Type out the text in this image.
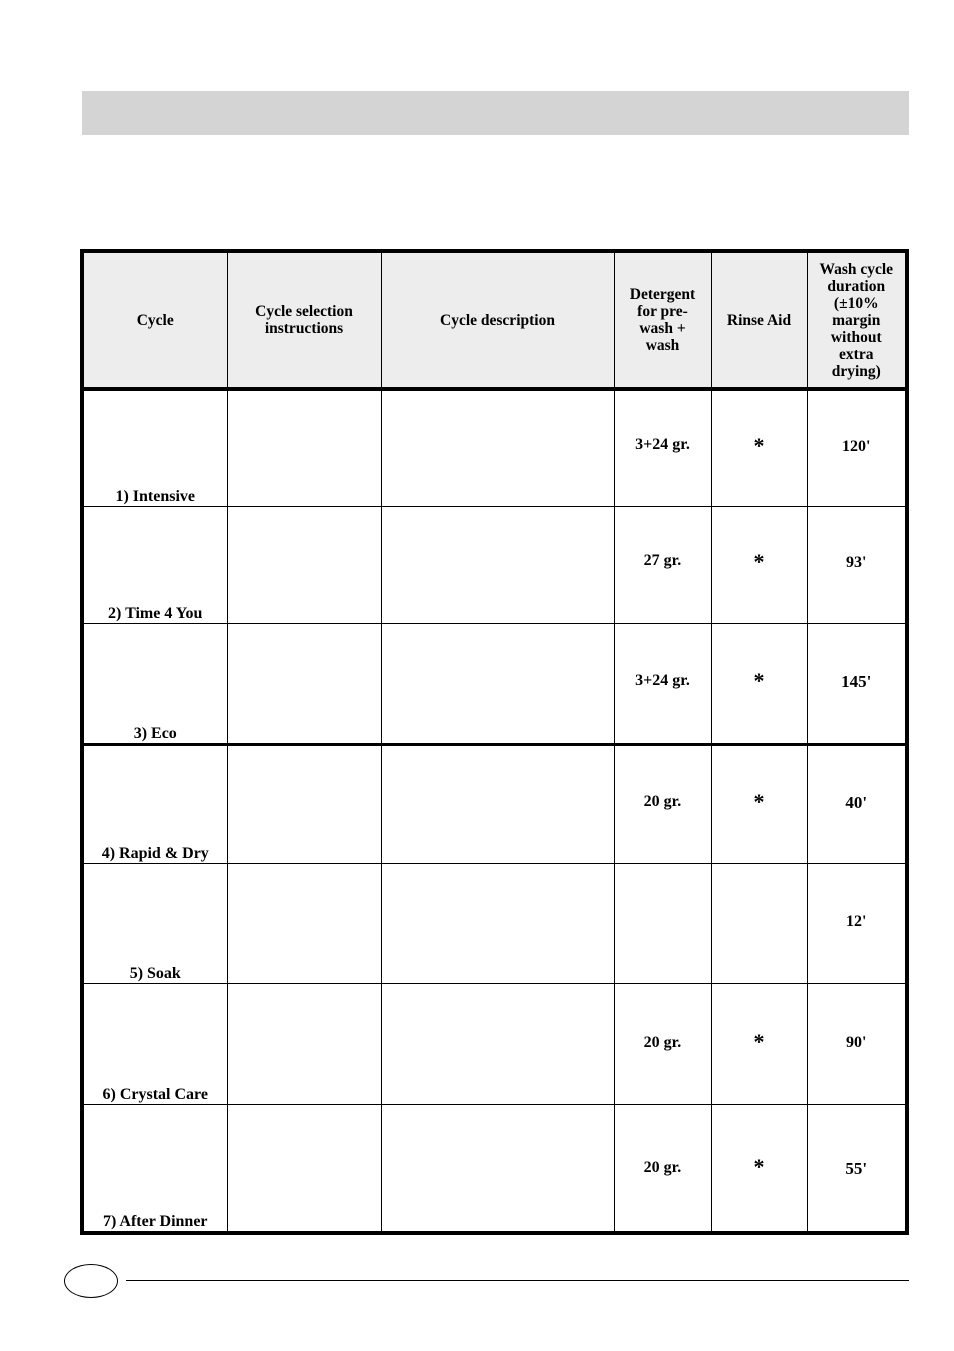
Cycle	Cycle selection instructions	Cycle description	Detergent for pre-wash + wash	Rinse Aid	Wash cycle duration (±10% margin without extra drying)
1) Intensive			3+24 gr.	*	120'

2) Time 4 You			27 gr.	*	93'

3) Eco			3+24 gr.	*	145'

4) Rapid & Dry			20 gr.	*	40'

5) Soak					12'

6) Crystal Care			20 gr.	*	90'

7) After Dinner			20 gr.	*	55'
